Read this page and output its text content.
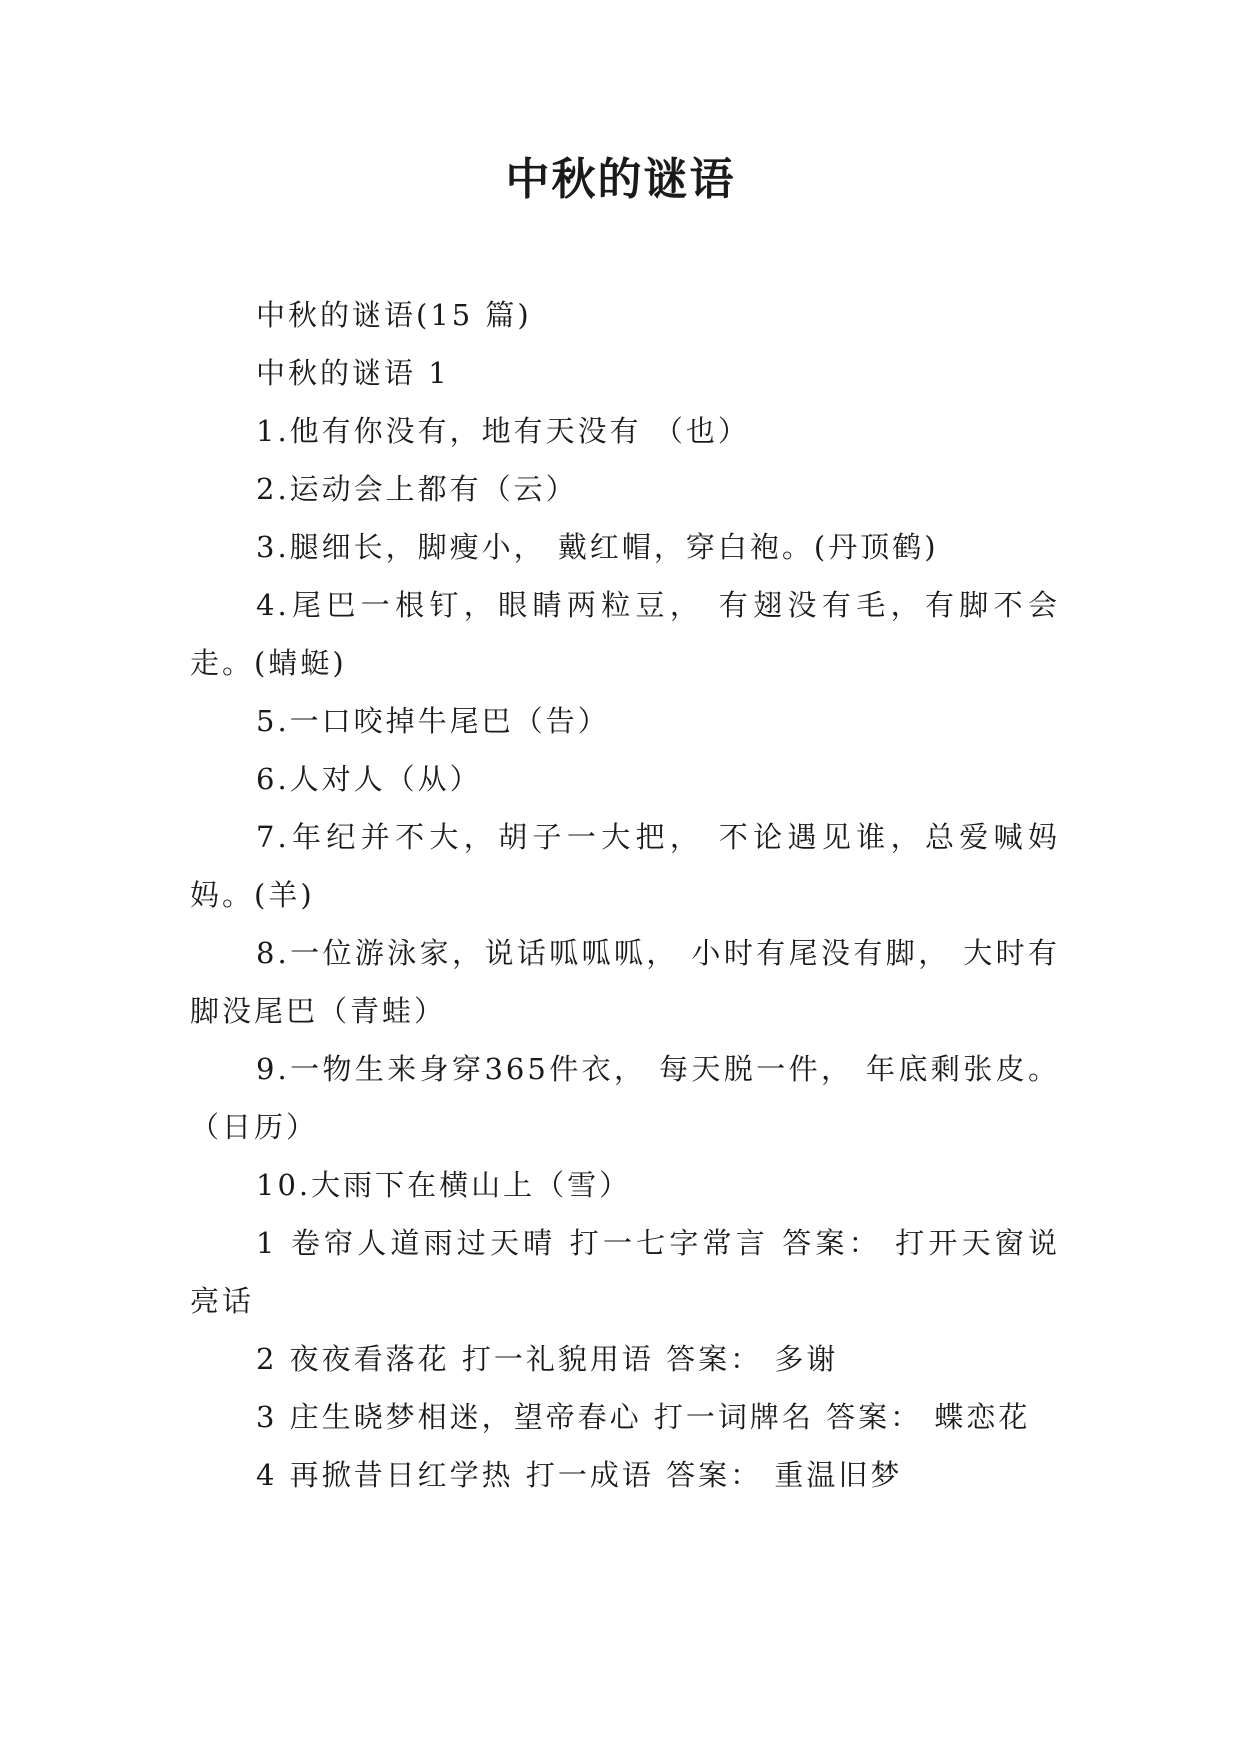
中秋的谜语

中秋的谜语(15 篇)

中秋的谜语 1

1.他有你没有，地有天没有 （也）

2.运动会上都有（云）

3.腿细长，脚瘦小， 戴红帽，穿白袍。(丹顶鹤)

4.尾巴一根钉，眼睛两粒豆， 有翅没有毛，有脚不会走。(蜻蜓)

5.一口咬掉牛尾巴（告）

6.人对人（从）

7.年纪并不大，胡子一大把， 不论遇见谁，总爱喊妈妈。(羊)

8.一位游泳家，说话呱呱呱， 小时有尾没有脚， 大时有脚没尾巴（青蛙）

9.一物生来身穿365件衣， 每天脱一件， 年底剩张皮。（日历）

10.大雨下在横山上（雪）

1 卷帘人道雨过天晴 打一七字常言 答案： 打开天窗说亮话

2 夜夜看落花 打一礼貌用语 答案： 多谢

3 庄生晓梦相迷，望帝春心 打一词牌名 答案： 蝶恋花

4 再掀昔日红学热 打一成语 答案： 重温旧梦
